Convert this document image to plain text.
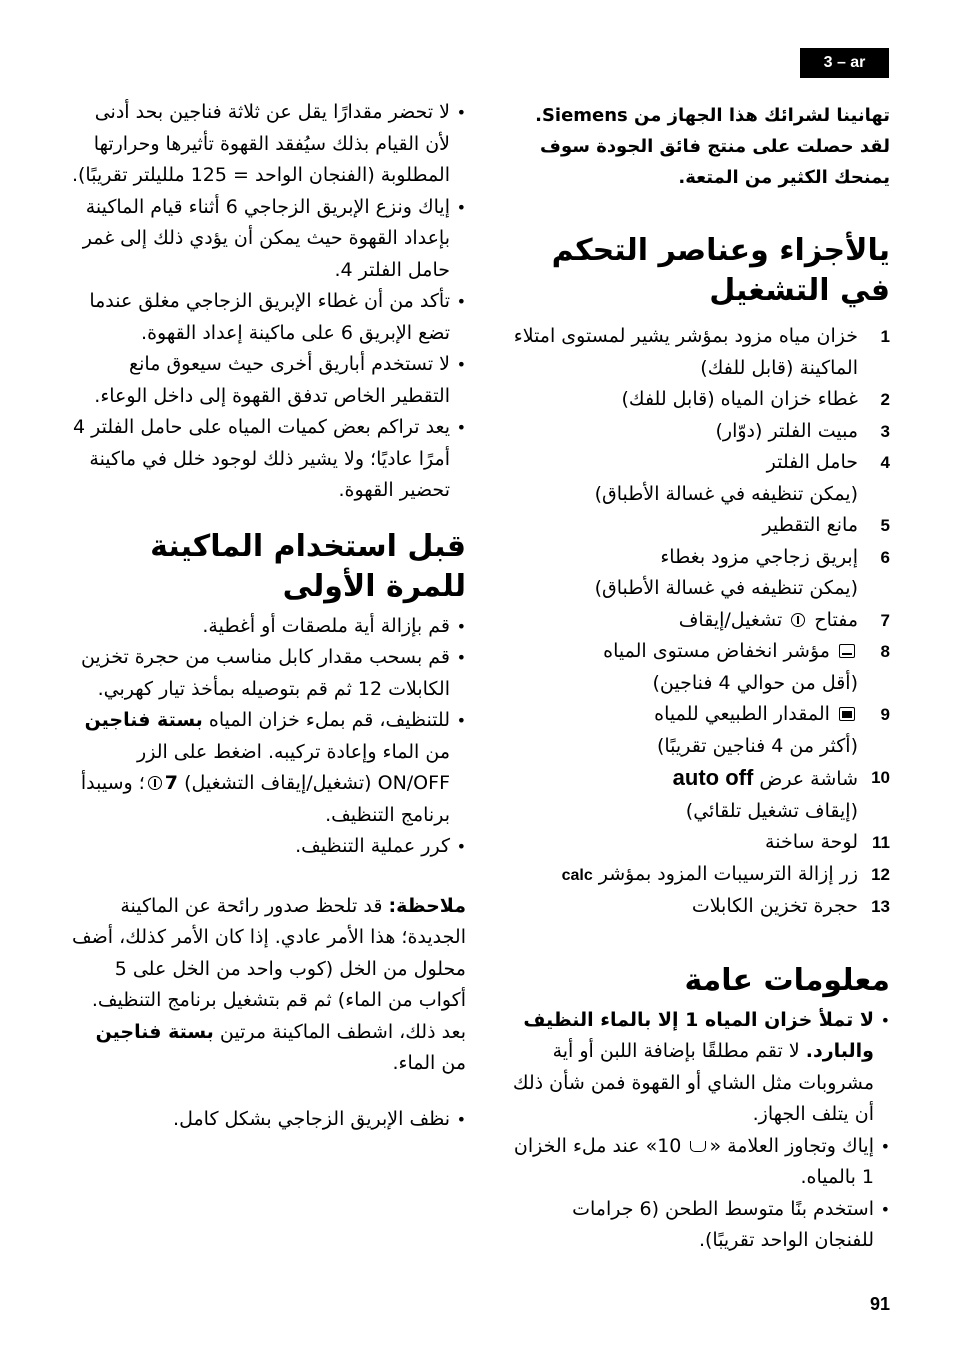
3 – ar

تهانينا لشرائك هذا الجهاز من Siemens. لقد حصلت على منتج فائق الجودة سوف يمنحك الكثير من المتعة.

يالأجزاء وعناصر التحكم في التشغيل
1
خزان مياه مزود بمؤشر يشير لمستوى امتلاء الماكينة (قابل للفك)
2
غطاء خزان المياه (قابل للفك)
3
مبيت الفلتر (دوّار)
4
حامل الفلتر
(يمكن تنظيفه في غسالة الأطباق)
5
مانع التقطير
6
إبريق زجاجي مزود بغطاء
(يمكن تنظيفه في غسالة الأطباق)
7
مفتاح  تشغيل/إيقاف
8
مؤشر انخفاض مستوى المياه
(أقل من حوالي 4 فناجين)
9
المقدار الطبيعي للمياه
(أكثر من 4 فناجين تقريبًا)
10
شاشة عرض auto off
(إيقاف تشغيل تلقائي)
11
لوحة ساخنة
12
زر إزالة الترسيبات المزود بمؤشر calc
13
حجرة تخزين الكابلات
معلومات عامة
• لا تملأ خزان المياه 1 إلا بالماء النظيف والبارد. لا تقم مطلقًا بإضافة اللبن أو أية مشروبات مثل الشاي أو القهوة فمن شأن ذلك أن يتلف الجهاز.
• إياك وتجاوز العلامة « 10» عند ملء الخزان 1 بالمياه.
• استخدم بنًا متوسط الطحن (6 جرامات للفنجان الواحد تقريبًا).
• لا تحضر مقدارًا يقل عن ثلاثة فناجين بحد أدنى لأن القيام بذلك سيُفقد القهوة تأثيرها وحرارتها المطلوبة (الفنجان الواحد = 125 ملليلتر تقريبًا).
• إياك ونزع الإبريق الزجاجي 6 أثناء قيام الماكينة بإعداد القهوة حيث يمكن أن يؤدي ذلك إلى غمر حامل الفلتر 4.
• تأكد من أن غطاء الإبريق الزجاجي مغلق عندما تضع الإبريق 6 على ماكينة إعداد القهوة.
• لا تستخدم أباريق أخرى حيث سيعوق مانع التقطير الخاص تدفق القهوة إلى داخل الوعاء.
• يعد تراكم بعض كميات المياه على حامل الفلتر 4 أمرًا عاديًا؛ ولا يشير ذلك لوجود خلل في ماكينة تحضير القهوة.
قبل استخدام الماكينة للمرة الأولى
• قم بإزالة أية ملصقات أو أغطية.
• قم بسحب مقدار كابل مناسب من حجرة تخزين الكابلات 12 ثم قم بتوصيله بمأخذ تيار كهربي.
• للتنظيف، قم بملء خزان المياه بستة فناجين من الماء وإعادة تركيبه. اضغط على الزر ON/OFF (تشغيل/إيقاف التشغيل) 7؛ وسيبدأ برنامج التنظيف.
• كرر عملية التنظيف.

ملاحظة: قد تلحظ صدور رائحة عن الماكينة الجديدة؛ هذا الأمر عادي. إذا كان الأمر كذلك، أضف محلول من الخل (كوب واحد من الخل على 5 أكواب من الماء) ثم قم بتشغيل برنامج التنظيف. بعد ذلك، اشطف الماكينة مرتين بستة فناجين من الماء.

• نظف الإبريق الزجاجي بشكل كامل.
91
